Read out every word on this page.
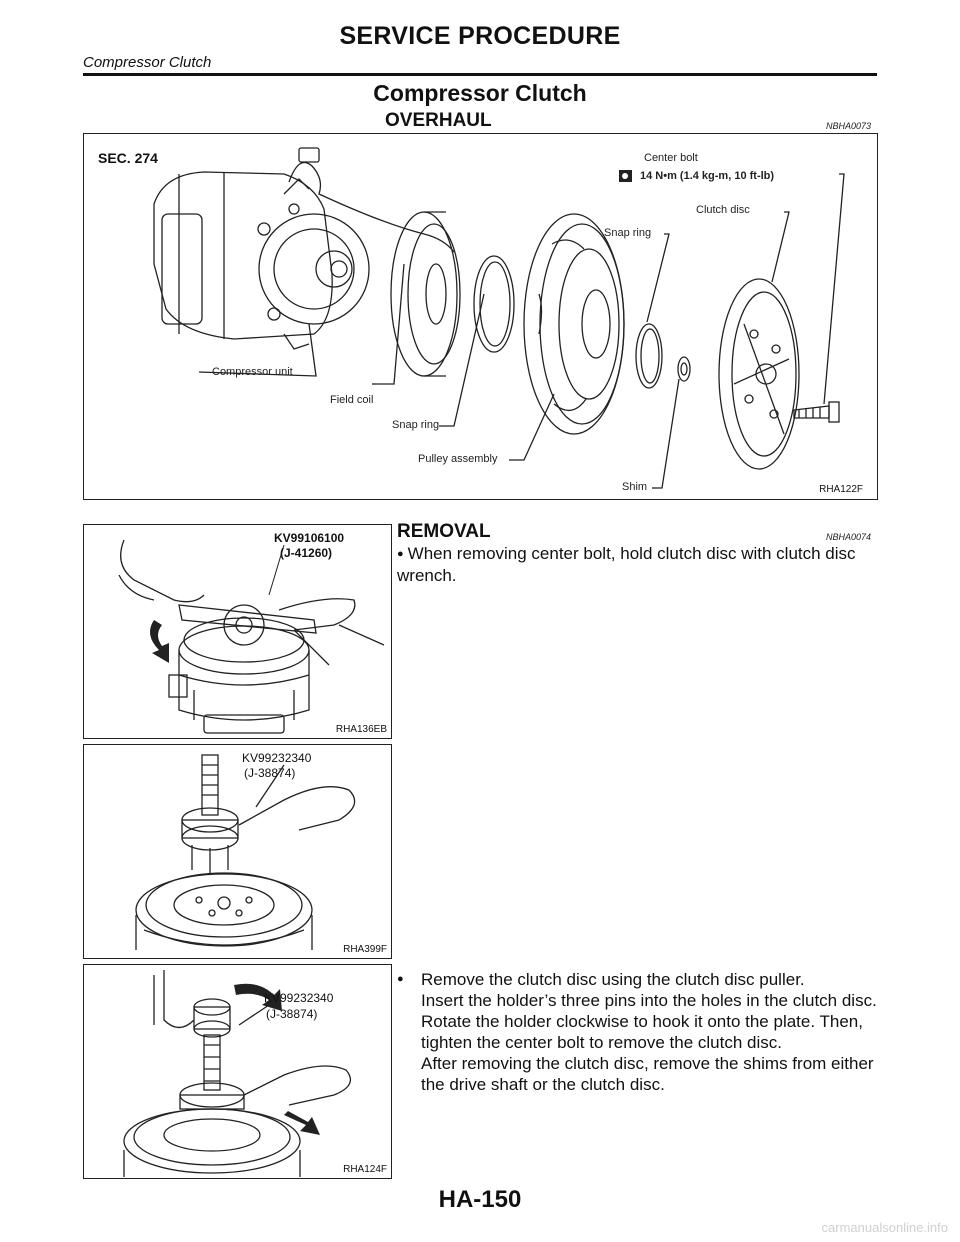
SERVICE PROCEDURE
Compressor Clutch
Compressor Clutch
OVERHAUL	NBHA0073
SEC. 274	Center bolt
14 N•m (1.4 kg-m, 10 ft-lb)
Clutch disc
Snap ring
Compressor unit
Field coil
Snap ring
Pulley assembly
Shim	RHA122F
KV99106100
(J-41260)
RHA136EB
REMOVAL	NBHA0074
● When removing center bolt, hold clutch disc with clutch disc wrench.
KV99232340
(J-38874)
RHA399F
KV99232340
(J-38874)
RHA124F
● Remove the clutch disc using the clutch disc puller.
Insert the holder’s three pins into the holes in the clutch disc.
Rotate the holder clockwise to hook it onto the plate. Then,
tighten the center bolt to remove the clutch disc.
After removing the clutch disc, remove the shims from either
the drive shaft or the clutch disc.
HA-150
carmanualsonline.info
